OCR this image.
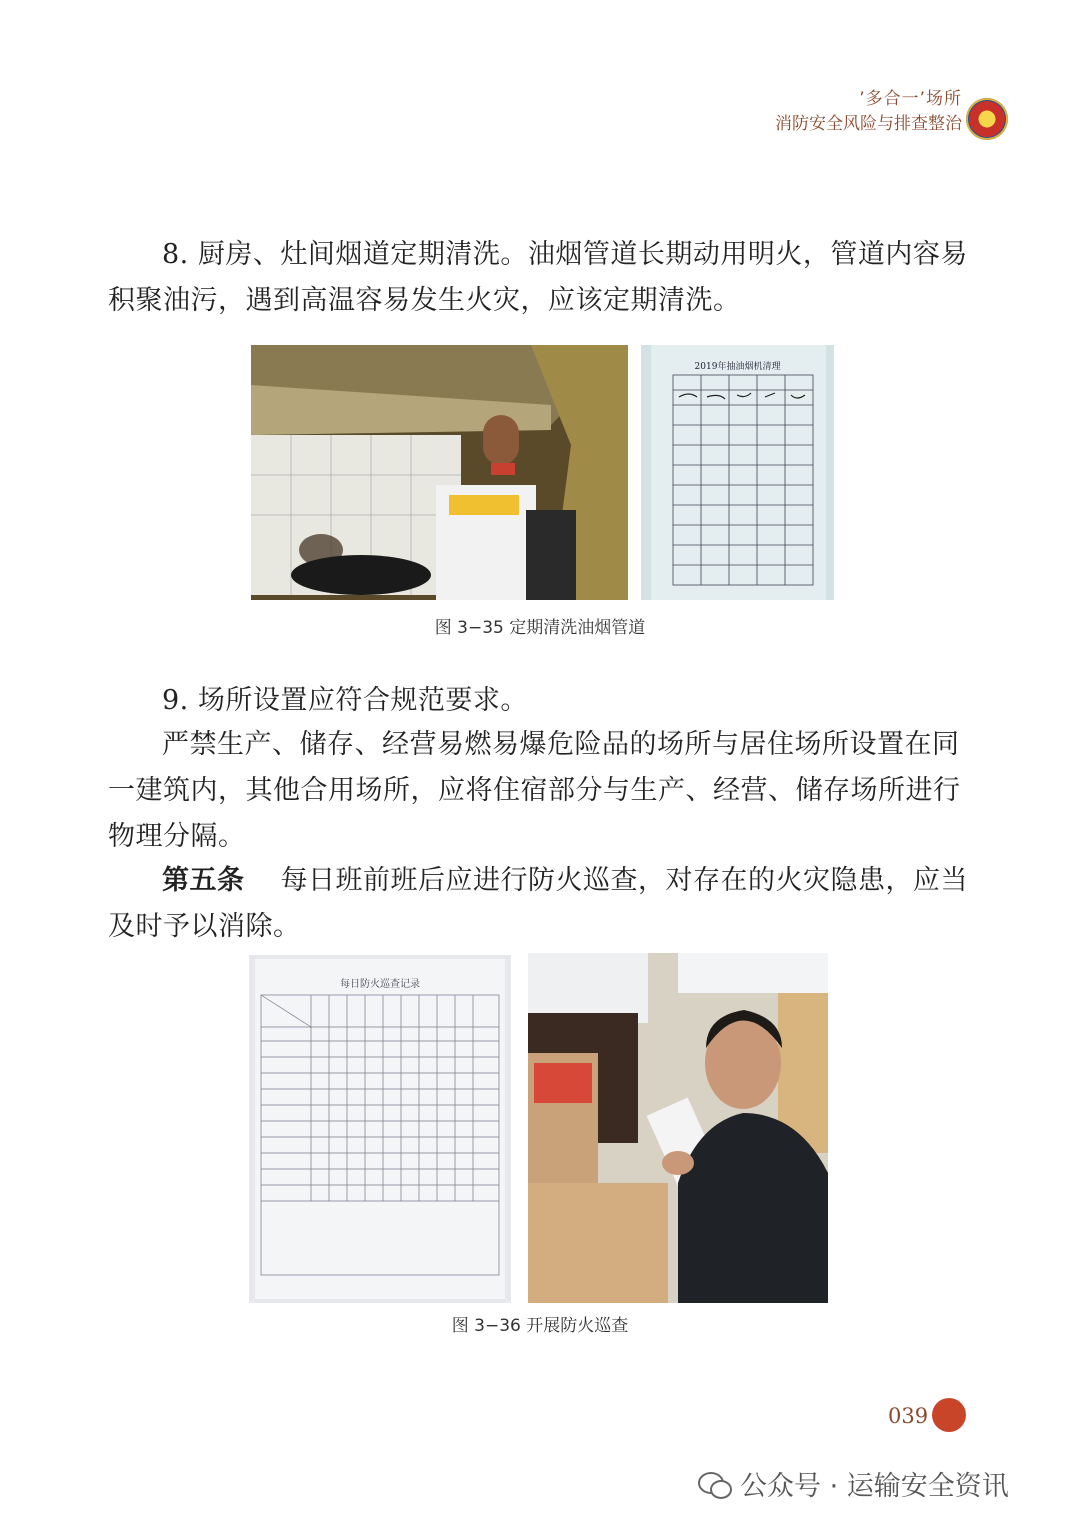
’多合一’场所
消防安全风险与排查整治
8. 厨房、灶间烟道定期清洗。油烟管道长期动用明火，管道内容易积聚油污，遇到高温容易发生火灾，应该定期清洗。
2019年抽油烟机清理
图 3−35 定期清洗油烟管道
9. 场所设置应符合规范要求。
严禁生产、储存、经营易燃易爆危险品的场所与居住场所设置在同一建筑内，其他合用场所，应将住宿部分与生产、经营、储存场所进行物理分隔。
第五条 每日班前班后应进行防火巡查，对存在的火灾隐患，应当及时予以消除。
每日防火巡查记录
图 3−36 开展防火巡查
039
公众号 · 运输安全资讯
